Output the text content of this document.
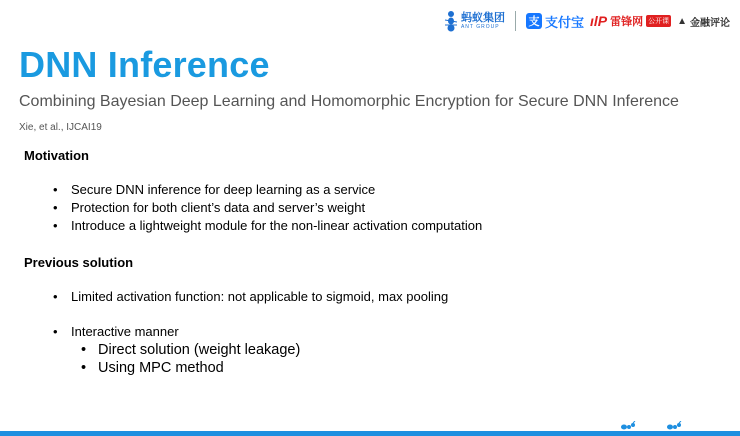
蚂蚁集团
ANT GROUP	支 支付宝 ılP 雷锋网 公开课 ▲ 金融评论
DNN Inference
Combining Bayesian Deep Learning and Homomorphic Encryption for Secure DNN Inference Xie, et al., IJCAI19
Motivation
• Secure DNN inference for deep learning as a service
• Protection for both client’s data and server’s weight
• Introduce a lightweight module for the non-linear activation computation
Previous solution
• Limited activation function: not applicable to sigmoid, max pooling
• Interactive manner
• Direct solution (weight leakage)
• Using MPC method
